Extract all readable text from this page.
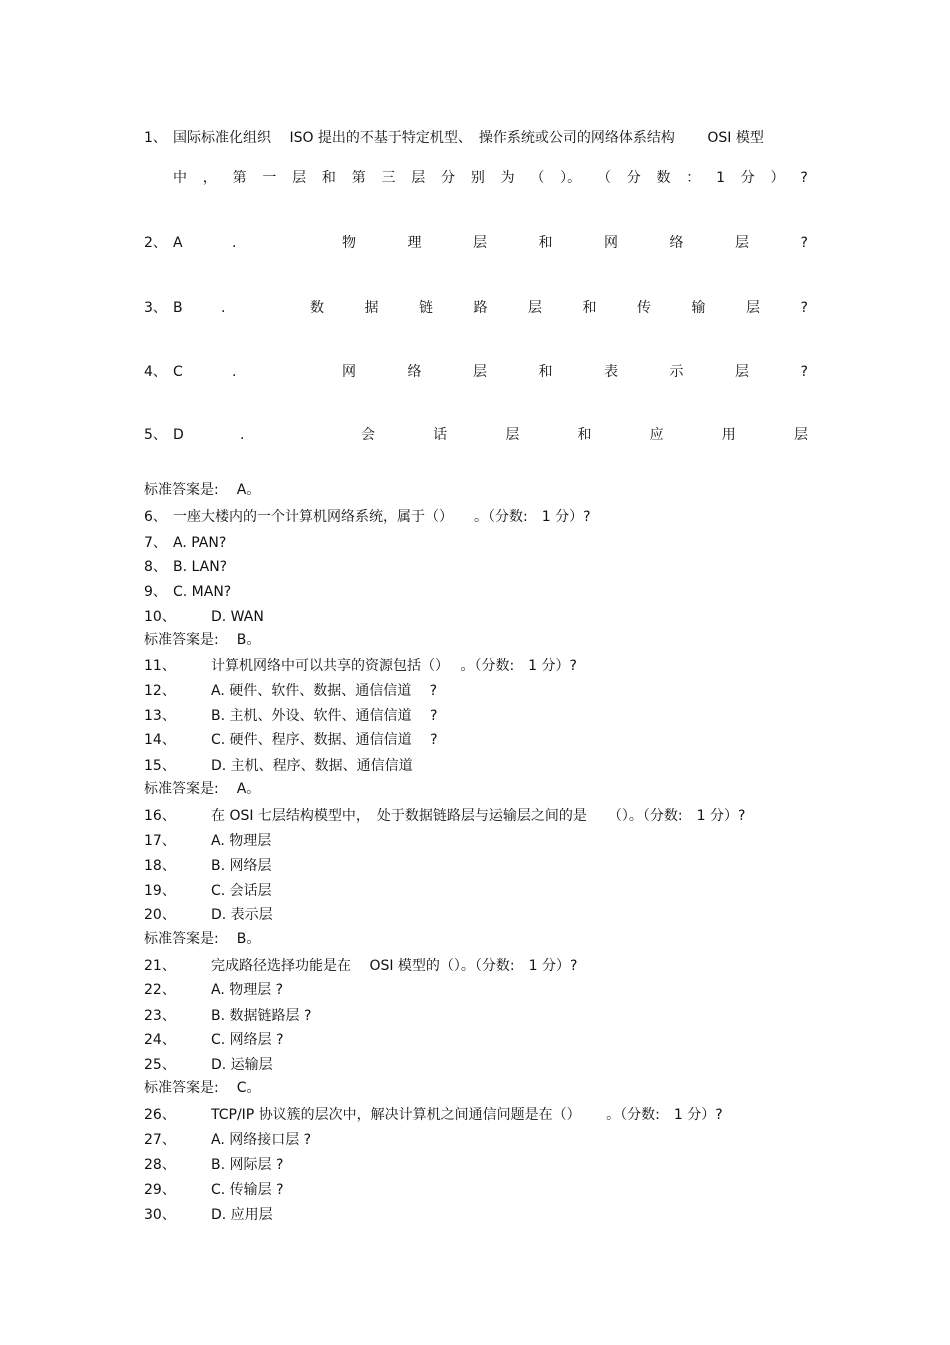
1、 国际标准化组织　 ISO 提出的不基于特定机型、　操作系统或公司的网络体系结构　　 OSI 模型
中 ， 第 一 层 和 第 三 层 分 别 为 （ ）。 （ 分 数 ： 1 分 ） ?
2、 A	.	物	理	层	和	网	络	层	?
3、 B	.	数	据	链	路	层	和	传	输	层	?
4、 C	.	网	络	层	和	表	示	层	?
5、 D	.	会	话	层	和	应	用	层
标准答案是: A。
6、 一座大楼内的一个计算机网络系统，属于（）　　。（分数:　1 分）?
7、 A. PAN?
8、 B. LAN?
9、 C. MAN?
10、	D. WAN
标准答案是: B。
11、	计算机网络中可以共享的资源包括（）　 。（分数:　1 分）?
12、	A. 硬件、软件、数据、通信信道　 ?
13、	B. 主机、外设、软件、通信信道　 ?
14、	C. 硬件、程序、数据、通信信道　 ?
15、	D. 主机、程序、数据、通信信道
标准答案是: A。
16、	在 OSI 七层结构模型中，　处于数据链路层与运输层之间的是　　（）。（分数:　1 分）?
17、	A. 物理层
18、	B. 网络层
19、	C. 会话层
20、	D. 表示层
标准答案是: B。
21、	完成路径选择功能是在　 OSI 模型的（）。（分数:　1 分）?
22、	A. 物理层 ?
23、	B. 数据链路层 ?
24、	C. 网络层 ?
25、	D. 运输层
标准答案是: C。
26、	TCP/IP 协议簇的层次中，解决计算机之间通信问题是在（）　　 。（分数:　1 分）?
27、	A. 网络接口层 ?
28、	B. 网际层 ?
29、	C. 传输层 ?
30、	D. 应用层
